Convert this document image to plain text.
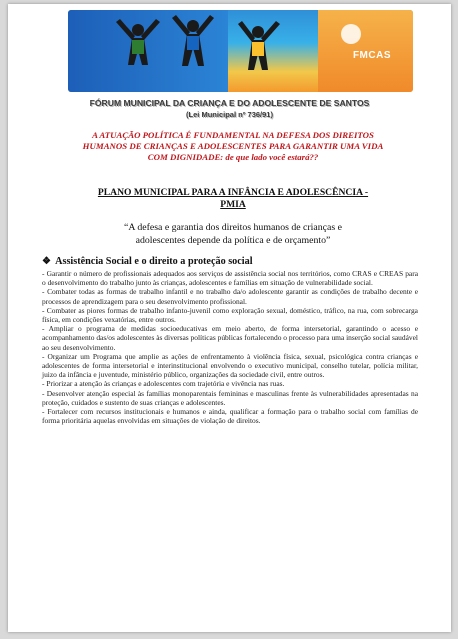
FMCAS
FÓRUM MUNICIPAL DA CRIANÇA E DO ADOLESCENTE DE SANTOS
(Lei Municipal nº 736/91)
A ATUAÇÃO POLÍTICA É FUNDAMENTAL NA DEFESA DOS DIREITOS
HUMANOS DE CRIANÇAS E ADOLESCENTES PARA GARANTIR UMA VIDA
COM DIGNIDADE: de que lado você estará??
PLANO MUNICIPAL PARA A INFÂNCIA E ADOLESCÊNCIA -
PMIA
“A defesa e garantia dos direitos humanos de crianças e
adolescentes depende da política e de orçamento”
❖ Assistência Social e o direito a proteção social

- Garantir o número de profissionais adequados aos serviços de assistência social nos territórios, como CRAS e CREAS para o desenvolvimento do trabalho junto às crianças, adolescentes e famílias em situação de vulnerabilidade social.

- Combater todas as formas de trabalho infantil e no trabalho da/o adolescente garantir as condições de trabalho decente e processos de aprendizagem para o seu desenvolvimento profissional.

- Combater as piores formas de trabalho infanto-juvenil como exploração sexual, doméstico, tráfico, na rua, com sobrecarga física, em condições vexatórias, entre outros.

- Ampliar o programa de medidas socioeducativas em meio aberto, de forma intersetorial, garantindo o acesso e acompanhamento das/os adolescentes às diversas políticas públicas fortalecendo o processo para uma inserção social saudável ao seu desenvolvimento.

- Organizar um Programa que amplie as ações de enfrentamento à violência física, sexual, psicológica contra crianças e adolescentes de forma intersetorial e interinstitucional envolvendo o executivo municipal, conselho tutelar, polícia militar, juizo da infância e juventude, ministério público, organizações da sociedade civil, entre outros.

- Priorizar a atenção às crianças e adolescentes com trajetória e vivência nas ruas.

- Desenvolver atenção especial às famílias monoparentais femininas e masculinas frente às vulnerabilidades apresentadas na proteção, cuidados e sustento de suas crianças e adolescentes.

- Fortalecer com recursos institucionais e humanos e ainda, qualificar a formação para o trabalho social com famílias de forma prioritária aquelas envolvidas em situações de violação de direitos.
